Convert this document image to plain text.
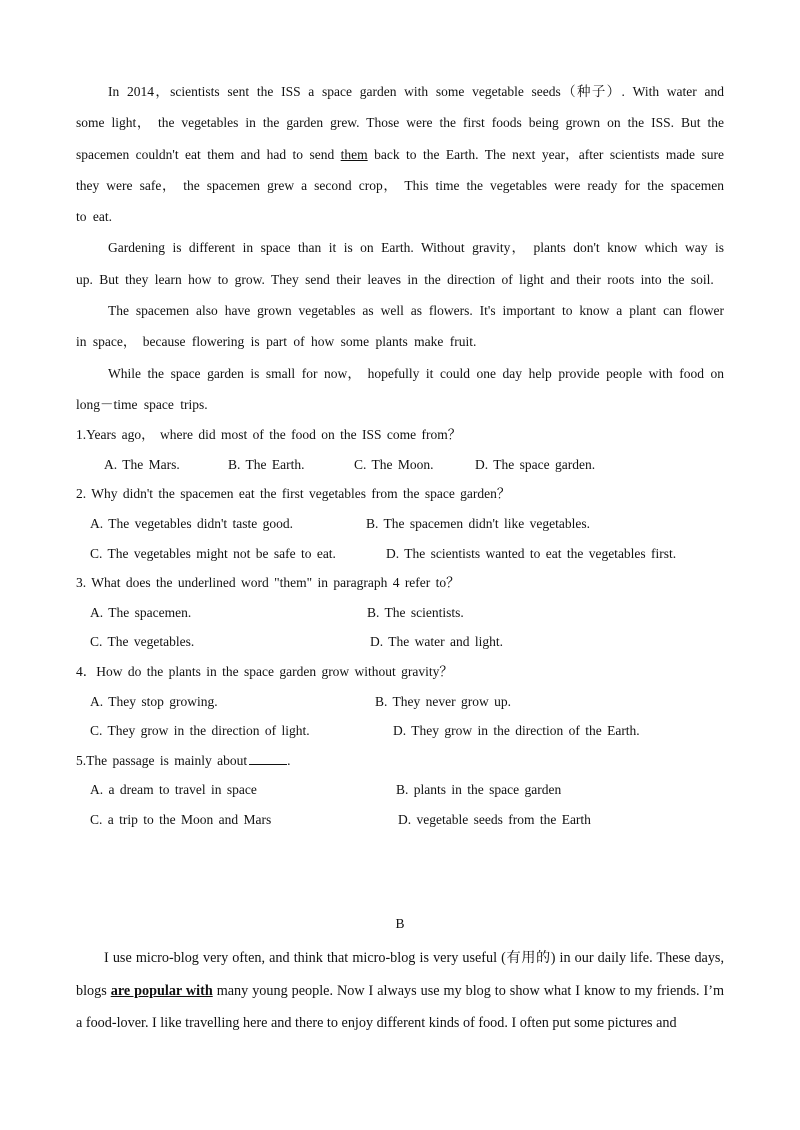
In 2014，scientists sent the ISS a space garden with some vegetable seeds（种子）. With water and some light， the vegetables in the garden grew. Those were the first foods being grown on the ISS. But the spacemen couldn't eat them and had to send them back to the Earth. The next year，after scientists made sure they were safe， the spacemen grew a second crop， This time the vegetables were ready for the spacemen to eat.

Gardening is different in space than it is on Earth. Without gravity， plants don't know which way is up. But they learn how to grow. They send their leaves in the direction of light and their roots into the soil.

The spacemen also have grown vegetables as well as flowers. It's important to know a plant can flower in space， because flowering is part of how some plants make fruit.

While the space garden is small for now， hopefully it could one day help provide people with food on long－time space trips.

1.Years ago， where did most of the food on the ISS come from？

A. The Mars.	B. The Earth.	C. The Moon.	D. The space garden.

2. Why didn't the spacemen eat the first vegetables from the space garden？

A. The vegetables didn't taste good.	B. The spacemen didn't like vegetables.
C. The vegetables might not be safe to eat.	D. The scientists wanted to eat the vegetables first.

3. What does the underlined word "them" in paragraph 4 refer to？

A. The spacemen.	B. The scientists.
C. The vegetables.	D. The water and light.

4．How do the plants in the space garden grow without gravity？

A. They stop growing.	B. They never grow up.
C. They grow in the direction of light.	D. They grow in the direction of the Earth.

5.The passage is mainly about	.

A. a dream to travel in space	B. plants in the space garden
C. a trip to the Moon and Mars	D. vegetable seeds from the Earth
B

I use micro-blog very often, and think that micro-blog is very useful (有用的) in our daily life. These days, blogs are popular with many young people. Now I always use my blog to show what I know to my friends. I’m a food-lover. I like travelling here and there to enjoy different kinds of food. I often put some pictures and
